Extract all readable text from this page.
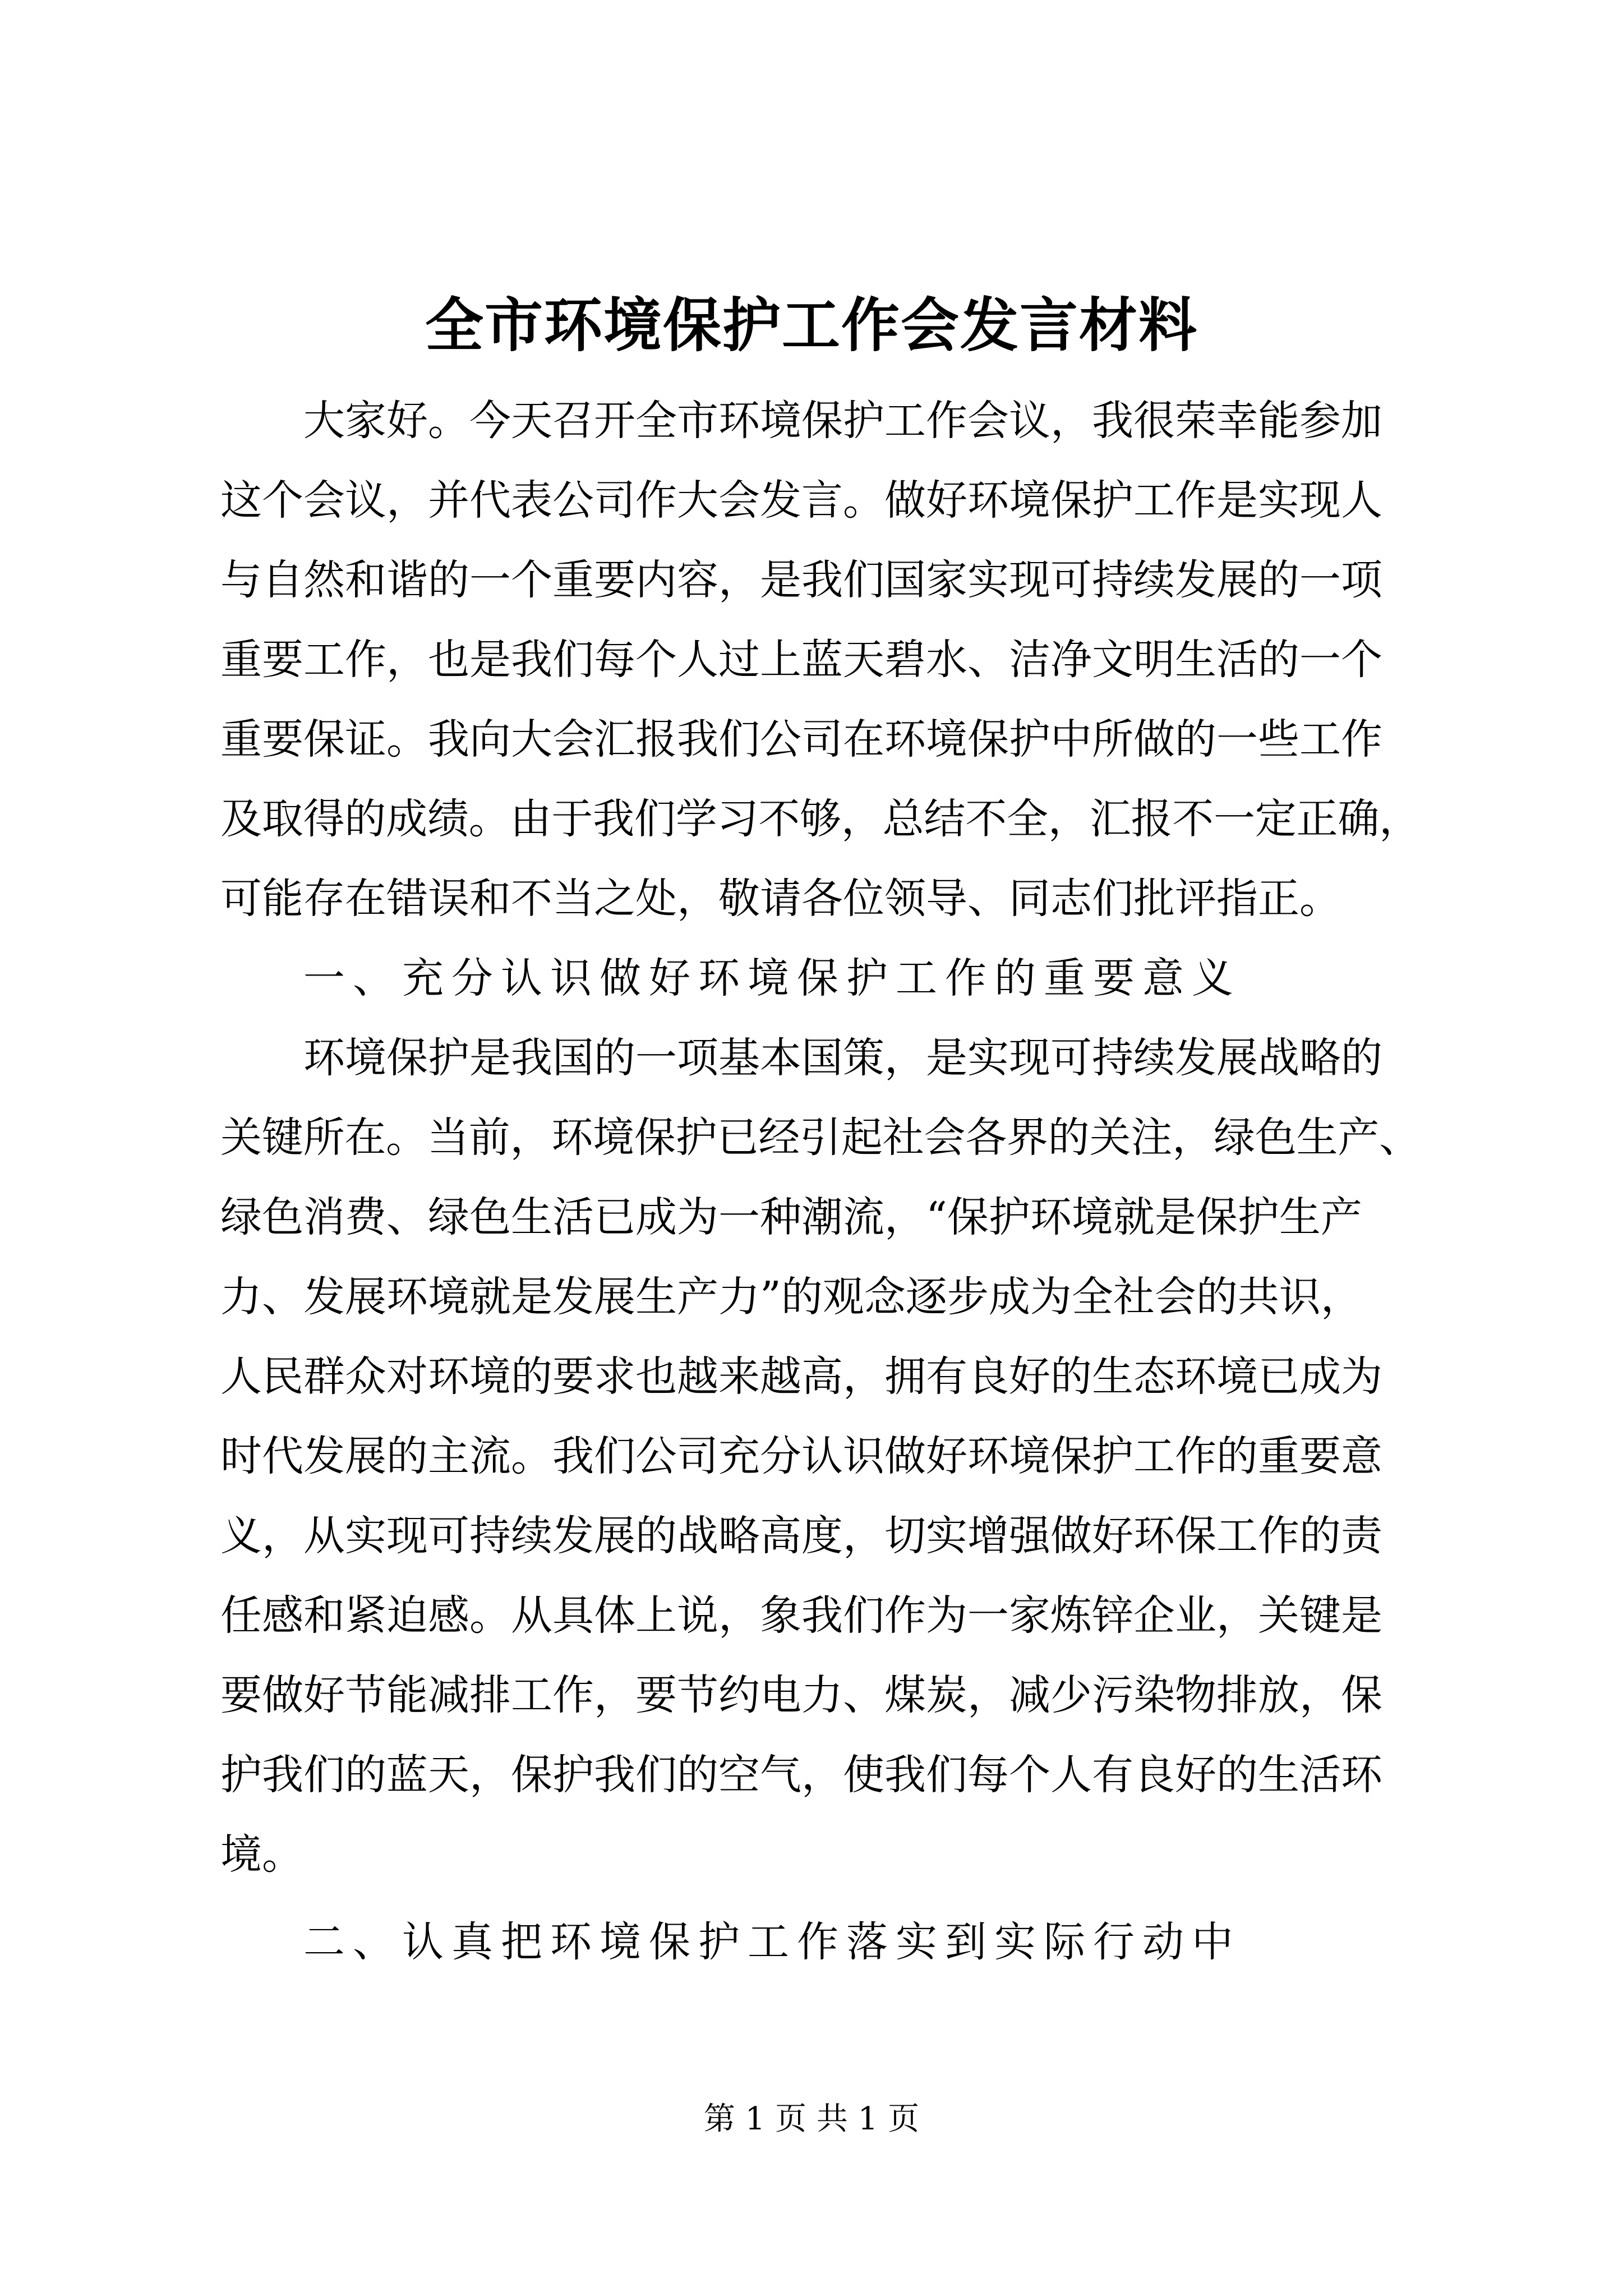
全市环境保护工作会发言材料
大家好。今天召开全市环境保护工作会议，我很荣幸能参加
这个会议，并代表公司作大会发言。做好环境保护工作是实现人
与自然和谐的一个重要内容，是我们国家实现可持续发展的一项
重要工作，也是我们每个人过上蓝天碧水、洁净文明生活的一个
重要保证。我向大会汇报我们公司在环境保护中所做的一些工作
及取得的成绩。由于我们学习不够，总结不全，汇报不一定正确，
可能存在错误和不当之处，敬请各位领导、同志们批评指正。
一、充分认识做好环境保护工作的重要意义
环境保护是我国的一项基本国策，是实现可持续发展战略的
关键所在。当前，环境保护已经引起社会各界的关注，绿色生产、
绿色消费、绿色生活已成为一种潮流，“保护环境就是保护生产
力、发展环境就是发展生产力”的观念逐步成为全社会的共识，
人民群众对环境的要求也越来越高，拥有良好的生态环境已成为
时代发展的主流。我们公司充分认识做好环境保护工作的重要意
义，从实现可持续发展的战略高度，切实增强做好环保工作的责
任感和紧迫感。从具体上说，象我们作为一家炼锌企业，关键是
要做好节能减排工作，要节约电力、煤炭，减少污染物排放，保
护我们的蓝天，保护我们的空气，使我们每个人有良好的生活环
境。
二、认真把环境保护工作落实到实际行动中
第 1 页 共 1 页
